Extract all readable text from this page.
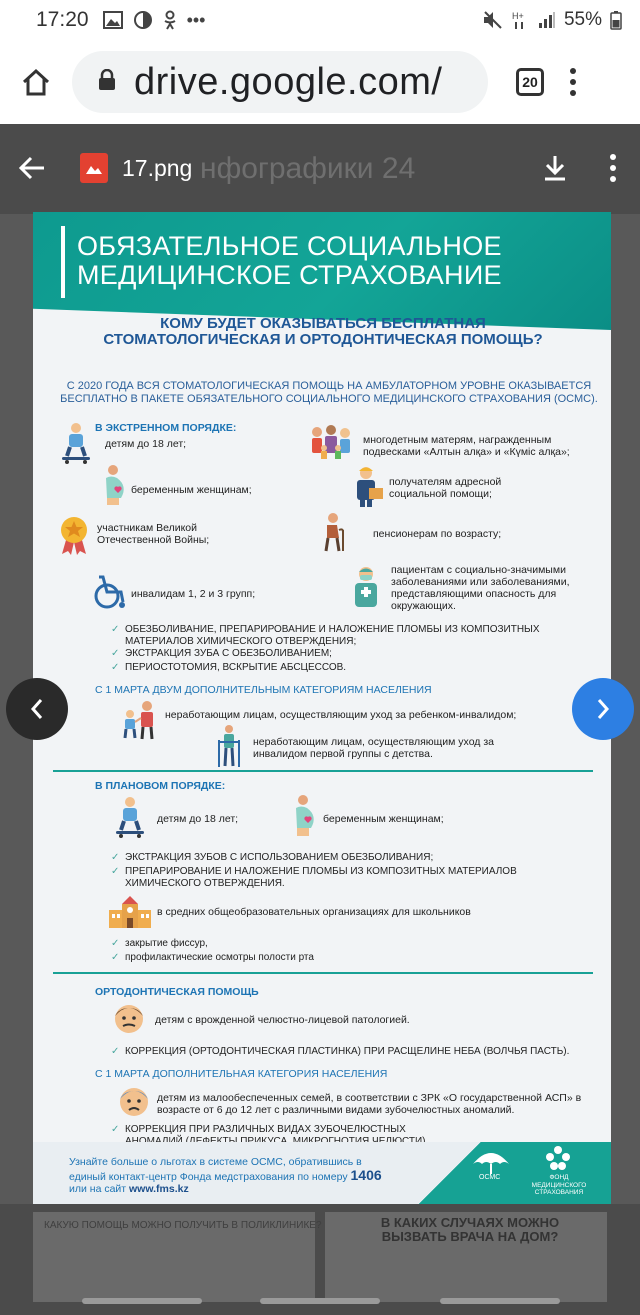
17:20	•••	H+ 55%
drive.google.com/	20
нфографики 24
17.png
ОБЯЗАТЕЛЬНОЕ СОЦИАЛЬНОЕ МЕДИЦИНСКОЕ СТРАХОВАНИЕ
КОМУ БУДЕТ ОКАЗЫВАТЬСЯ БЕСПЛАТНАЯ СТОМАТОЛОГИЧЕСКАЯ И ОРТОДОНТИЧЕСКАЯ ПОМОЩЬ?
С 2020 ГОДА ВСЯ СТОМАТОЛОГИЧЕСКАЯ ПОМОЩЬ НА АМБУЛАТОРНОМ УРОВНЕ ОКАЗЫВАЕТСЯ БЕСПЛАТНО В ПАКЕТЕ ОБЯЗАТЕЛЬНОГО СОЦИАЛЬНОГО МЕДИЦИНСКОГО СТРАХОВАНИЯ (ОСМС).
В ЭКСТРЕННОМ ПОРЯДКЕ:
детям до 18 лет;
беременным женщинам;
участникам Великой Отечественной Войны;
инвалидам 1, 2 и 3 групп;
многодетным матерям, награжденным подвесками «Алтын алқа» и «Күміс алқа»;
получателям адресной социальной помощи;
пенсионерам по возрасту;
пациентам с социально-значимыми заболеваниями или заболеваниями, представляющими опасность для окружающих.
✓ ОБЕЗБОЛИВАНИЕ, ПРЕПАРИРОВАНИЕ И НАЛОЖЕНИЕ ПЛОМБЫ ИЗ КОМПОЗИТНЫХ МАТЕРИАЛОВ ХИМИЧЕСКОГО ОТВЕРЖДЕНИЯ;
✓ ЭКСТРАКЦИЯ ЗУБА С ОБЕЗБОЛИВАНИЕМ;
✓ ПЕРИОСТОТОМИЯ, ВСКРЫТИЕ АБСЦЕССОВ.
С 1 МАРТА ДВУМ ДОПОЛНИТЕЛЬНЫМ КАТЕГОРИЯМ НАСЕЛЕНИЯ
неработающим лицам, осуществляющим уход за ребенком-инвалидом;
неработающим лицам, осуществляющим уход за инвалидом первой группы с детства.
В ПЛАНОВОМ ПОРЯДКЕ:
детям до 18 лет;	беременным женщинам;
✓ ЭКСТРАКЦИЯ ЗУБОВ С ИСПОЛЬЗОВАНИЕМ ОБЕЗБОЛИВАНИЯ;
✓ ПРЕПАРИРОВАНИЕ И НАЛОЖЕНИЕ ПЛОМБЫ ИЗ КОМПОЗИТНЫХ МАТЕРИАЛОВ ХИМИЧЕСКОГО ОТВЕРЖДЕНИЯ.
в средних общеобразовательных организациях для школьников
✓ закрытие фиссур,
✓ профилактические осмотры полости рта
ОРТОДОНТИЧЕСКАЯ ПОМОЩЬ
детям с врожденной челюстно-лицевой патологией.
✓ КОРРЕКЦИЯ (ОРТОДОНТИЧЕСКАЯ ПЛАСТИНКА) ПРИ РАСЩЕЛИНЕ НЕБА (ВОЛЧЬЯ ПАСТЬ).
С 1 МАРТА ДОПОЛНИТЕЛЬНАЯ КАТЕГОРИЯ НАСЕЛЕНИЯ
детям из малообеспеченных семей, в соответствии с ЗРК «О государственной АСП» в возрасте от 6 до 12 лет с различными видами зубочелюстных аномалий.
✓ КОРРЕКЦИЯ ПРИ РАЗЛИЧНЫХ ВИДАХ ЗУБОЧЕЛЮСТНЫХ
Узнайте больше о льготах в системе ОСМС, обратившись в единый контакт-центр Фонда медстрахования по номеру 1406 или на сайт www.fms.kz
ОСМС	ФОНД МЕДИЦИНСКОГО СТРАХОВАНИЯ
КАКУЮ ПОМОЩЬ МОЖНО ПОЛУЧИТЬ В ПОЛИКЛИНИКЕ?	В КАКИХ СЛУЧАЯХ МОЖНО ВЫЗВАТЬ ВРАЧА НА ДОМ?
